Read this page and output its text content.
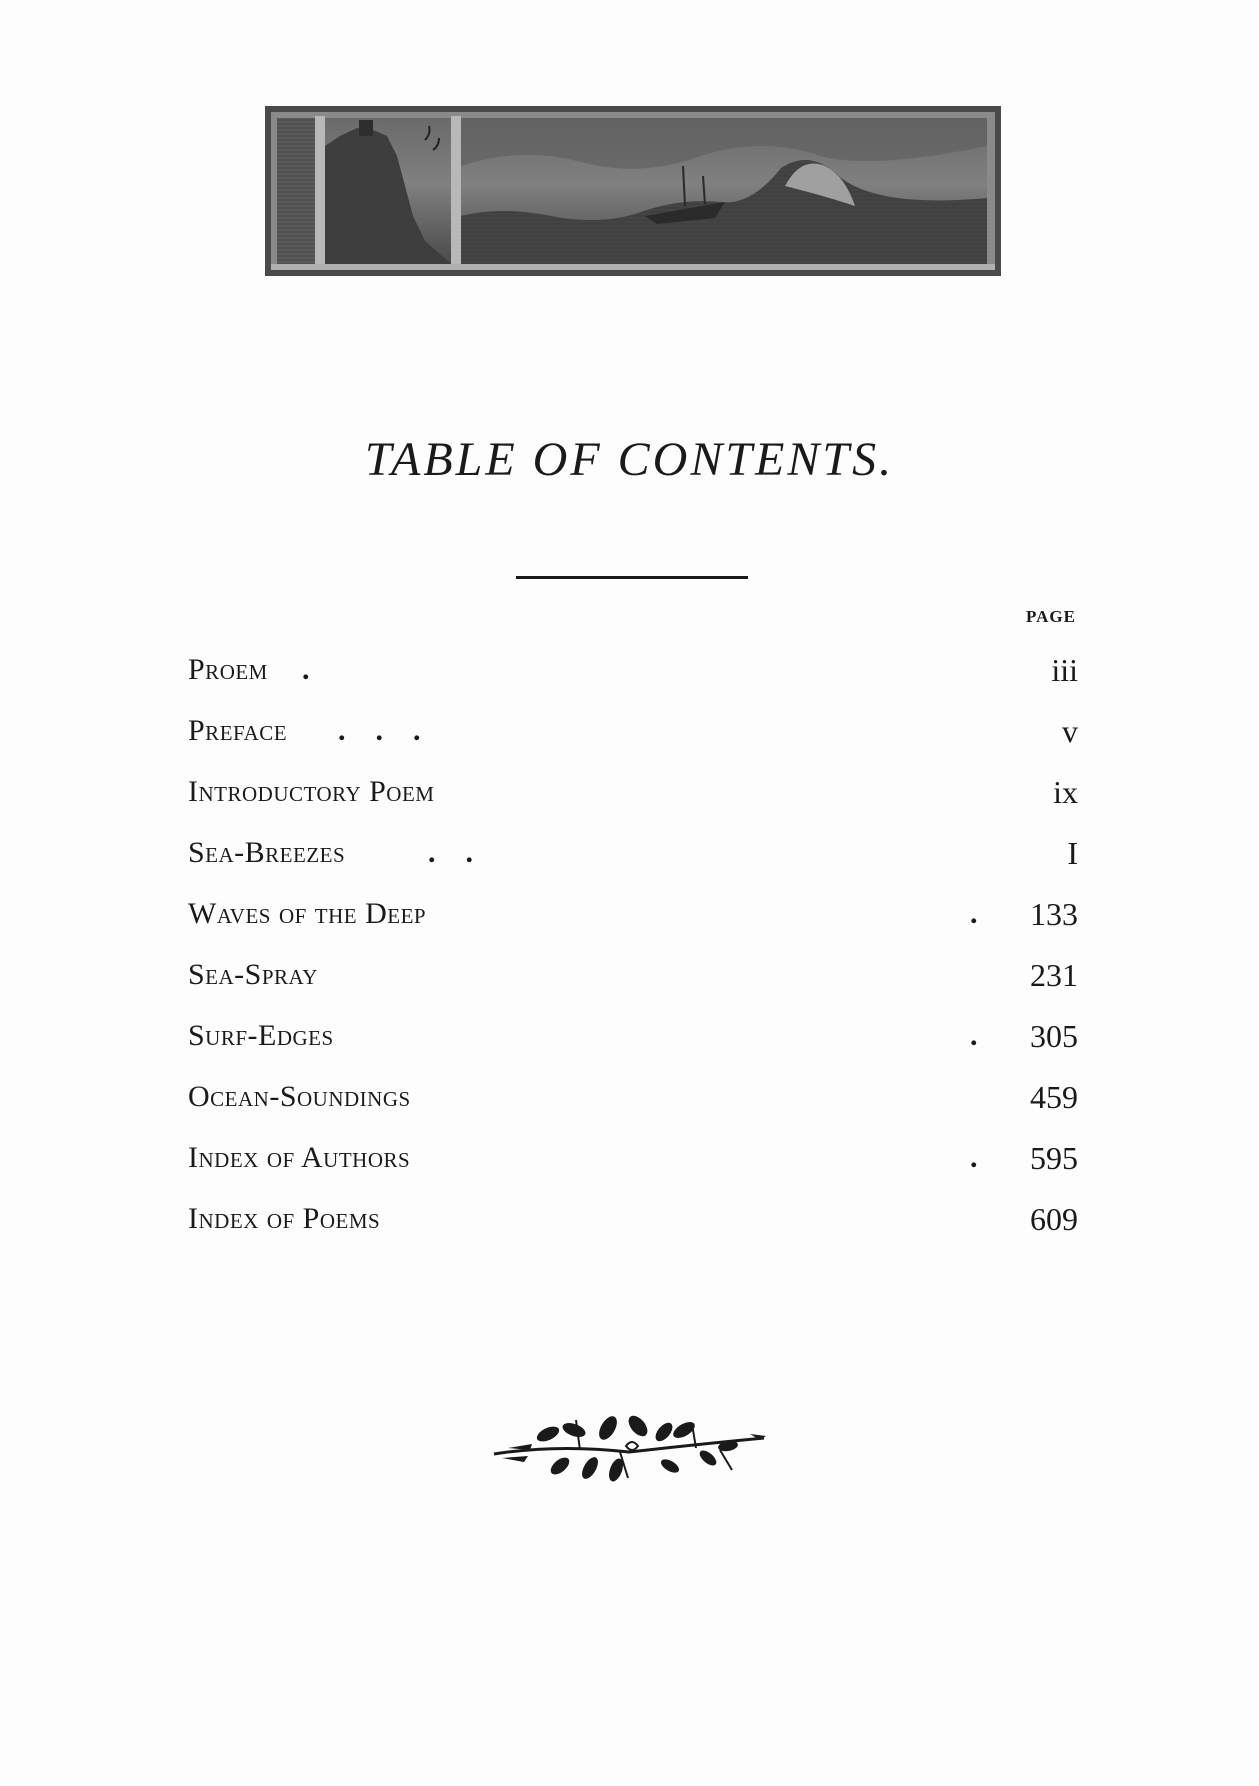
TABLE OF CONTENTS.
PAGE
Proem .	iii
Preface .    .    .	v
Introductory Poem	ix
Sea-Breezes	.    .	I
Waves of the Deep	. 133
Sea-Spray	231
Surf-Edges	. 305
Ocean-Soundings	459
Index of Authors	. 595
Index of Poems	609
